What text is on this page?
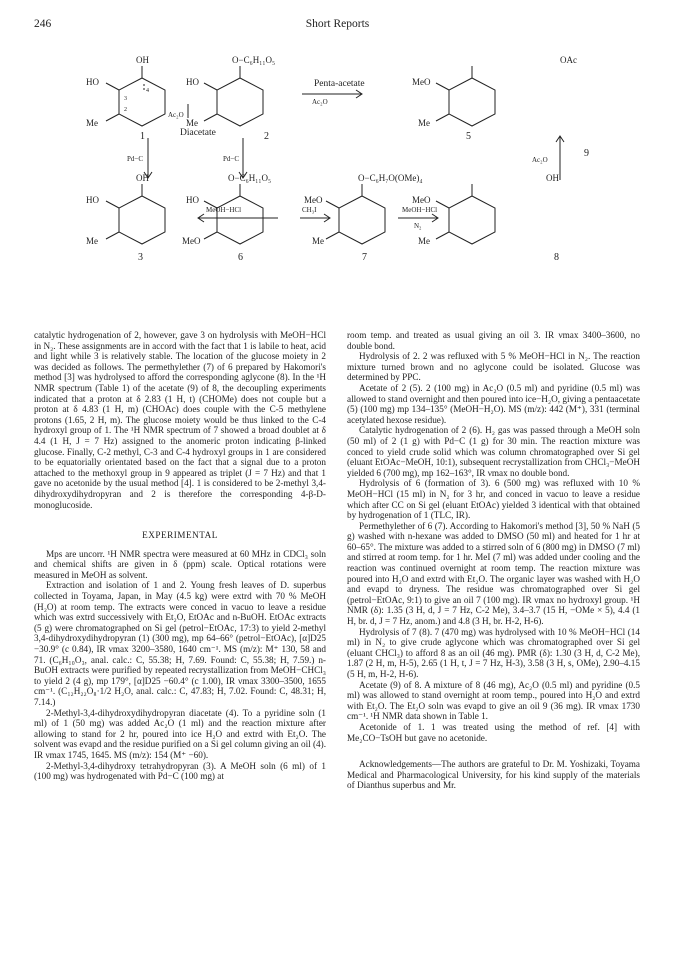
246	Short Reports
OH
HO
Me
1
4
3
2
Ac₂O
Diacetate
O−C₆H₁₁O₅
HO
Me
2
Ac₂O
Penta-acetate
OAc
MeO
Me
5
9
Ac₂O
Pd−C	Pd−C
OH
HO
Me
3
O−C₆H₁₁O₅
HO
MeO
6
MeOH−HCl	CH₃I
O−C₆H₇O(OMe)₄
MeO
Me
7
MeOH−HCl
N₂
OH
MeO
Me
8

catalytic hydrogenation of 2, however, gave 3 on hydrolysis with MeOH−HCl in N₂. These assignments are in accord with the fact that 1 is labile to heat, acid and light while 3 is relatively stable. The location of the glucose moiety in 2 was decided as follows. The permethylether (7) of 6 prepared by Hakomori's method [3] was hydrolysed to afford the corresponding aglycone (8). In the ¹H NMR spectrum (Table 1) of the acetate (9) of 8, the decoupling experiments indicated that a proton at δ 2.83 (1 H, t) (CHOMe) does not couple but a proton at δ 4.83 (1 H, m) (CHOAc) does couple with the C-5 methylene protons (1.65, 2 H, m). The glucose moiety would be thus linked to the C-4 hydroxyl group of 1. The ¹H NMR spectrum of 7 showed a broad doublet at δ 4.4 (1 H, J = 7 Hz) assigned to the anomeric proton indicating β-linked glucose. Finally, C-2 methyl, C-3 and C-4 hydroxyl groups in 1 are considered to be equatorially orientated based on the fact that a signal due to a proton attached to the methoxyl group in 9 appeared as triplet (J = 7 Hz) and that 1 gave no acetonide by the usual method [4]. 1 is considered to be 2-methyl 3,4-dihydroxydihydropyran and 2 is therefore the corresponding 4-β-D-monoglucoside.

EXPERIMENTAL

Mps are uncorr. ¹H NMR spectra were measured at 60 MHz in CDCl₃ soln and chemical shifts are given in δ (ppm) scale. Optical rotations were measured in MeOH as solvent.

Extraction and isolation of 1 and 2. Young fresh leaves of D. superbus collected in Toyama, Japan, in May (4.5 kg) were extrd with 70 % MeOH (H₂O) at room temp. The extracts were conced in vacuo to leave a residue which was extrd successively with Et₂O, EtOAc and n-BuOH. EtOAc extracts (5 g) were chromatographed on Si gel (petrol−EtOAc, 17:3) to yield 2-methyl 3,4-dihydroxydihydropyran (1) (300 mg), mp 64–66° (petrol−EtOAc), [α]D25 −30.9° (c 0.84), IR νmax 3200–3580, 1640 cm⁻¹. MS (m/z): M⁺ 130, 58 and 71. (C₆H₁₀O₃, anal. calc.: C, 55.38; H, 7.69. Found: C, 55.38; H, 7.59.) n-BuOH extracts were purified by repeated recrystallization from MeOH−CHCl₃ to yield 2 (4 g), mp 179°, [α]D25 −60.4° (c 1.00), IR νmax 3300–3500, 1655 cm⁻¹. (C₁₂H₂₂O₈·1/2 H₂O, anal. calc.: C, 47.83; H, 7.02. Found: C, 48.31; H, 7.14.)

2-Methyl-3,4-dihydroxydihydropyran diacetate (4). To a pyridine soln (1 ml) of 1 (50 mg) was added Ac₂O (1 ml) and the reaction mixture after allowing to stand for 2 hr, poured into ice H₂O and extrd with Et₂O. The solvent was evapd and the residue purified on a Si gel column giving an oil (4). IR νmax 1745, 1645. MS (m/z): 154 (M⁺ −60).

2-Methyl-3,4-dihydroxy tetrahydropyran (3). A MeOH soln (6 ml) of 1 (100 mg) was hydrogenated with Pd−C (100 mg) at

room temp. and treated as usual giving an oil 3. IR νmax 3400–3600, no double bond.

Hydrolysis of 2. 2 was refluxed with 5 % MeOH−HCl in N₂. The reaction mixture turned brown and no aglycone could be isolated. Glucose was determined by PPC.

Acetate of 2 (5). 2 (100 mg) in Ac₂O (0.5 ml) and pyridine (0.5 ml) was allowed to stand overnight and then poured into ice−H₂O, giving a pentaacetate (5) (100 mg) mp 134–135° (MeOH−H₂O). MS (m/z): 442 (M⁺), 331 (terminal acetylated hexose residue).

Catalytic hydrogenation of 2 (6). H₂ gas was passed through a MeOH soln (50 ml) of 2 (1 g) with Pd−C (1 g) for 30 min. The reaction mixture was conced to yield crude solid which was column chromatographed over Si gel (eluant EtOAc−MeOH, 10:1), subsequent recrystallization from CHCl₃−MeOH yielded 6 (700 mg), mp 162–163°, IR νmax no double bond.

Hydrolysis of 6 (formation of 3). 6 (500 mg) was refluxed with 10 % MeOH−HCl (15 ml) in N₂ for 3 hr, and conced in vacuo to leave a residue which after CC on Si gel (eluant EtOAc) yielded 3 identical with that obtained by hydrogenation of 1 (TLC, IR).

Permethylether of 6 (7). According to Hakomori's method [3], 50 % NaH (5 g) washed with n-hexane was added to DMSO (50 ml) and heated for 1 hr at 60–65°. The mixture was added to a stirred soln of 6 (800 mg) in DMSO (7 ml) and stirred at room temp. for 1 hr. MeI (7 ml) was added under cooling and the reaction was continued overnight at room temp. The reaction mixture was poured into H₂O and extrd with Et₂O. The organic layer was washed with H₂O and evapd to dryness. The residue was chromatographed over Si gel (petrol−EtOAc, 9:1) to give an oil 7 (100 mg). IR νmax no hydroxyl group. ¹H NMR (δ): 1.35 (3 H, d, J = 7 Hz, C-2 Me), 3.4–3.7 (15 H, −OMe × 5), 4.4 (1 H, br. d, J = 7 Hz, anom.) and 4.8 (3 H, br. H-2, H-6).

Hydrolysis of 7 (8). 7 (470 mg) was hydrolysed with 10 % MeOH−HCl (14 ml) in N₂ to give crude aglycone which was chromatographed over Si gel (eluant CHCl₃) to afford 8 as an oil (46 mg). PMR (δ): 1.30 (3 H, d, C-2 Me), 1.87 (2 H, m, H-5), 2.65 (1 H, t, J = 7 Hz, H-3), 3.58 (3 H, s, OMe), 2.90–4.15 (5 H, m, H-2, H-6).

Acetate (9) of 8. A mixture of 8 (46 mg), Ac₂O (0.5 ml) and pyridine (0.5 ml) was allowed to stand overnight at room temp., poured into H₂O and extrd with Et₂O. The Et₂O soln was evapd to give an oil 9 (36 mg). IR νmax 1730 cm⁻¹. ¹H NMR data shown in Table 1.

Acetonide of 1. 1 was treated using the method of ref. [4] with Me₂CO−TsOH but gave no acetonide.

Acknowledgements—The authors are grateful to Dr. M. Yoshizaki, Toyama Medical and Pharmacological University, for his kind supply of the materials of Dianthus superbus and Mr.
